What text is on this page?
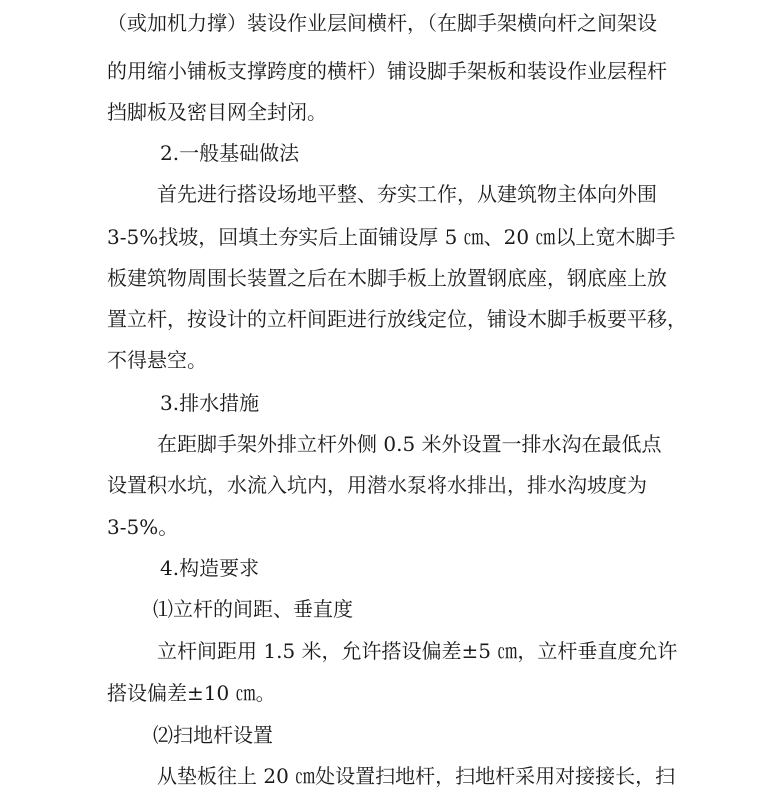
（或加机力撑）装设作业层间横杆，（在脚手架横向杆之间架设
的用缩小铺板支撑跨度的横杆）铺设脚手架板和装设作业层程杆
挡脚板及密目网全封闭。
2.一般基础做法
首先进行搭设场地平整、夯实工作，从建筑物主体向外围
3-5%找坡，回填土夯实后上面铺设厚 5 ㎝、20 ㎝以上宽木脚手
板建筑物周围长装置之后在木脚手板上放置钢底座，钢底座上放
置立杆，按设计的立杆间距进行放线定位，铺设木脚手板要平移，
不得悬空。
3.排水措施
在距脚手架外排立杆外侧 0.5 米外设置一排水沟在最低点
设置积水坑，水流入坑内，用潜水泵将水排出，排水沟坡度为
3-5%。
4.构造要求
⑴立杆的间距、垂直度
立杆间距用 1.5 米，允许搭设偏差±5 ㎝，立杆垂直度允许
搭设偏差±10 ㎝。
⑵扫地杆设置
从垫板往上 20 ㎝处设置扫地杆，扫地杆采用对接接长，扫
